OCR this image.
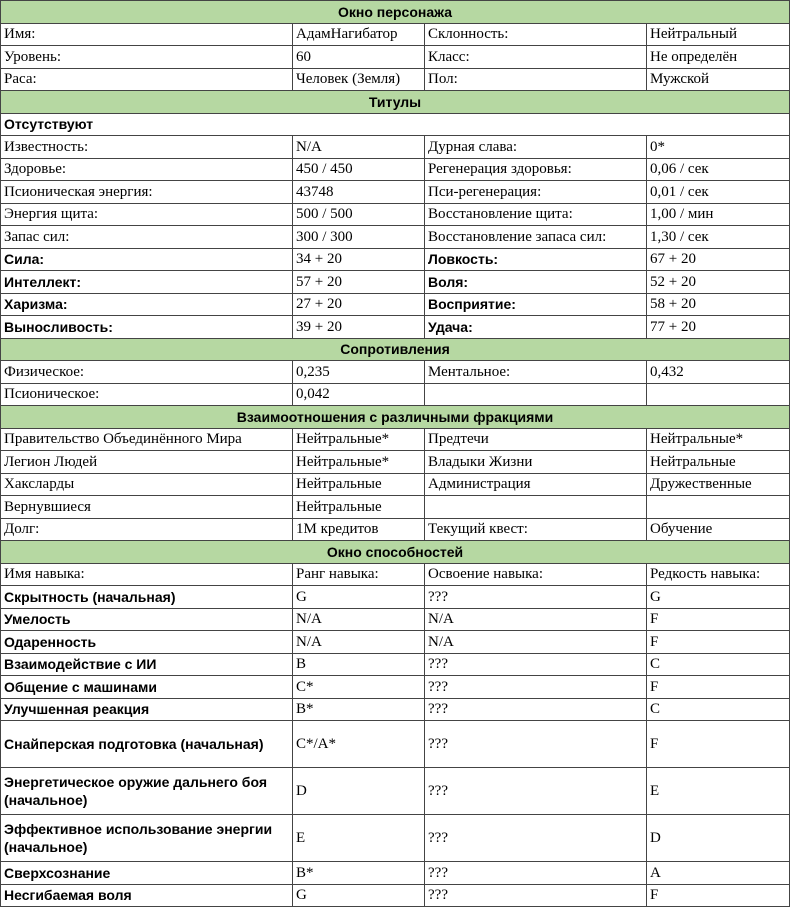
Окно персонажа			
Имя:	АдамНагибатор	Склонность:	Нейтральный
Уровень:	60	Класс:	Не определён
Раса:	Человек (Земля)	Пол:	Мужской
Титулы			
Отсутствуют			
Известность:	N/A	Дурная слава:	0*
Здоровье:	450 / 450	Регенерация здоровья:	0,06 / сек
Псионическая энергия:	43748	Пси-регенерация:	0,01 / сек
Энергия щита:	500 / 500	Восстановление щита:	1,00 / мин
Запас сил:	300 / 300	Восстановление запаса сил:	1,30 / сек
Сила:	34 + 20	Ловкость:	67 + 20
Интеллект:	57 + 20	Воля:	52 + 20
Харизма:	27 + 20	Восприятие:	58 + 20
Выносливость:	39 + 20	Удача:	77 + 20
Сопротивления			
Физическое:	0,235	Ментальное:	0,432
Псионическое:	0,042		
Взаимоотношения с различными фракциями			
Правительство Объединённого Мира	Нейтральные*	Предтечи	Нейтральные*
Легион Людей	Нейтральные*	Владыки Жизни	Нейтральные
Хаксларды	Нейтральные	Администрация	Дружественные
Вернувшиеся	Нейтральные		
Долг:	1M кредитов	Текущий квест:	Обучение
Окно способностей			
Имя навыка:	Ранг навыка:	Освоение навыка:	Редкость навыка:
Скрытность (начальная)	G	???	G
Умелость	N/A	N/A	F
Одаренность	N/A	N/A	F
Взаимодействие с ИИ	B	???	C
Общение с машинами	C*	???	F
Улучшенная реакция	B*	???	C
Снайперская подготовка (начальная)	C*/A*	???	F
Энергетическое оружие дальнего боя (начальное)	D	???	E
Эффективное использование энергии (начальное)	E	???	D
Сверхсознание	B*	???	A
Несгибаемая воля	G	???	F
